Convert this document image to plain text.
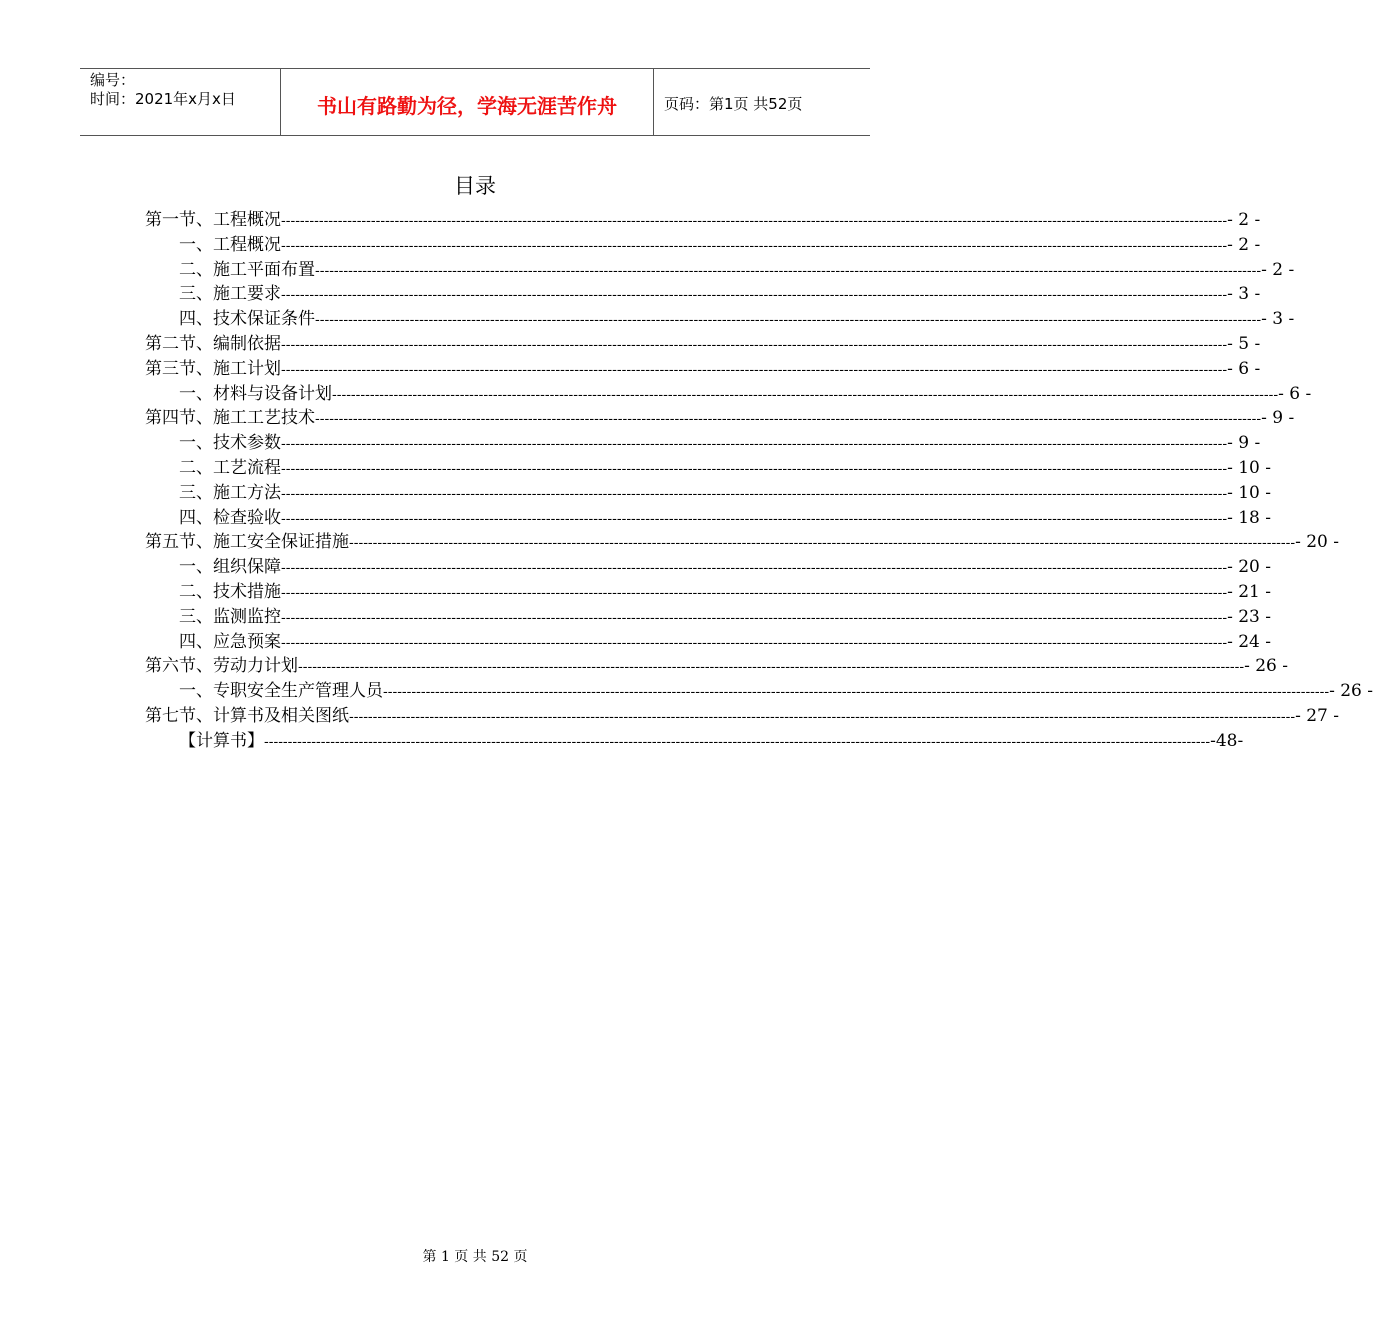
编号：
时间：2021年x月x日	书山有路勤为径，学海无涯苦作舟	页码：第1页 共52页
目录
第一节、工程概况 -------------------------------------------------------------------------------------------------------------------------------------------------------------------------------------------------------- - 2 -
一、工程概况 -------------------------------------------------------------------------------------------------------------------------------------------------------------------------------------------------------- - 2 -
二、施工平面布置 -------------------------------------------------------------------------------------------------------------------------------------------------------------------------------------------------------- - 2 -
三、施工要求 -------------------------------------------------------------------------------------------------------------------------------------------------------------------------------------------------------- - 3 -
四、技术保证条件 -------------------------------------------------------------------------------------------------------------------------------------------------------------------------------------------------------- - 3 -
第二节、编制依据 -------------------------------------------------------------------------------------------------------------------------------------------------------------------------------------------------------- - 5 -
第三节、施工计划 -------------------------------------------------------------------------------------------------------------------------------------------------------------------------------------------------------- - 6 -
一、材料与设备计划 -------------------------------------------------------------------------------------------------------------------------------------------------------------------------------------------------------- - 6 -
第四节、施工工艺技术 -------------------------------------------------------------------------------------------------------------------------------------------------------------------------------------------------------- - 9 -
一、技术参数 -------------------------------------------------------------------------------------------------------------------------------------------------------------------------------------------------------- - 9 -
二、工艺流程 -------------------------------------------------------------------------------------------------------------------------------------------------------------------------------------------------------- - 10 -
三、施工方法 -------------------------------------------------------------------------------------------------------------------------------------------------------------------------------------------------------- - 10 -
四、检查验收 -------------------------------------------------------------------------------------------------------------------------------------------------------------------------------------------------------- - 18 -
第五节、施工安全保证措施 -------------------------------------------------------------------------------------------------------------------------------------------------------------------------------------------------------- - 20 -
一、组织保障 -------------------------------------------------------------------------------------------------------------------------------------------------------------------------------------------------------- - 20 -
二、技术措施 -------------------------------------------------------------------------------------------------------------------------------------------------------------------------------------------------------- - 21 -
三、监测监控 -------------------------------------------------------------------------------------------------------------------------------------------------------------------------------------------------------- - 23 -
四、应急预案 -------------------------------------------------------------------------------------------------------------------------------------------------------------------------------------------------------- - 24 -
第六节、劳动力计划 -------------------------------------------------------------------------------------------------------------------------------------------------------------------------------------------------------- - 26 -
一、专职安全生产管理人员 -------------------------------------------------------------------------------------------------------------------------------------------------------------------------------------------------------- - 26 -
第七节、计算书及相关图纸 -------------------------------------------------------------------------------------------------------------------------------------------------------------------------------------------------------- - 27 -
【计算书】 -------------------------------------------------------------------------------------------------------------------------------------------------------------------------------------------------------- -48-
第 1 页 共 52 页
